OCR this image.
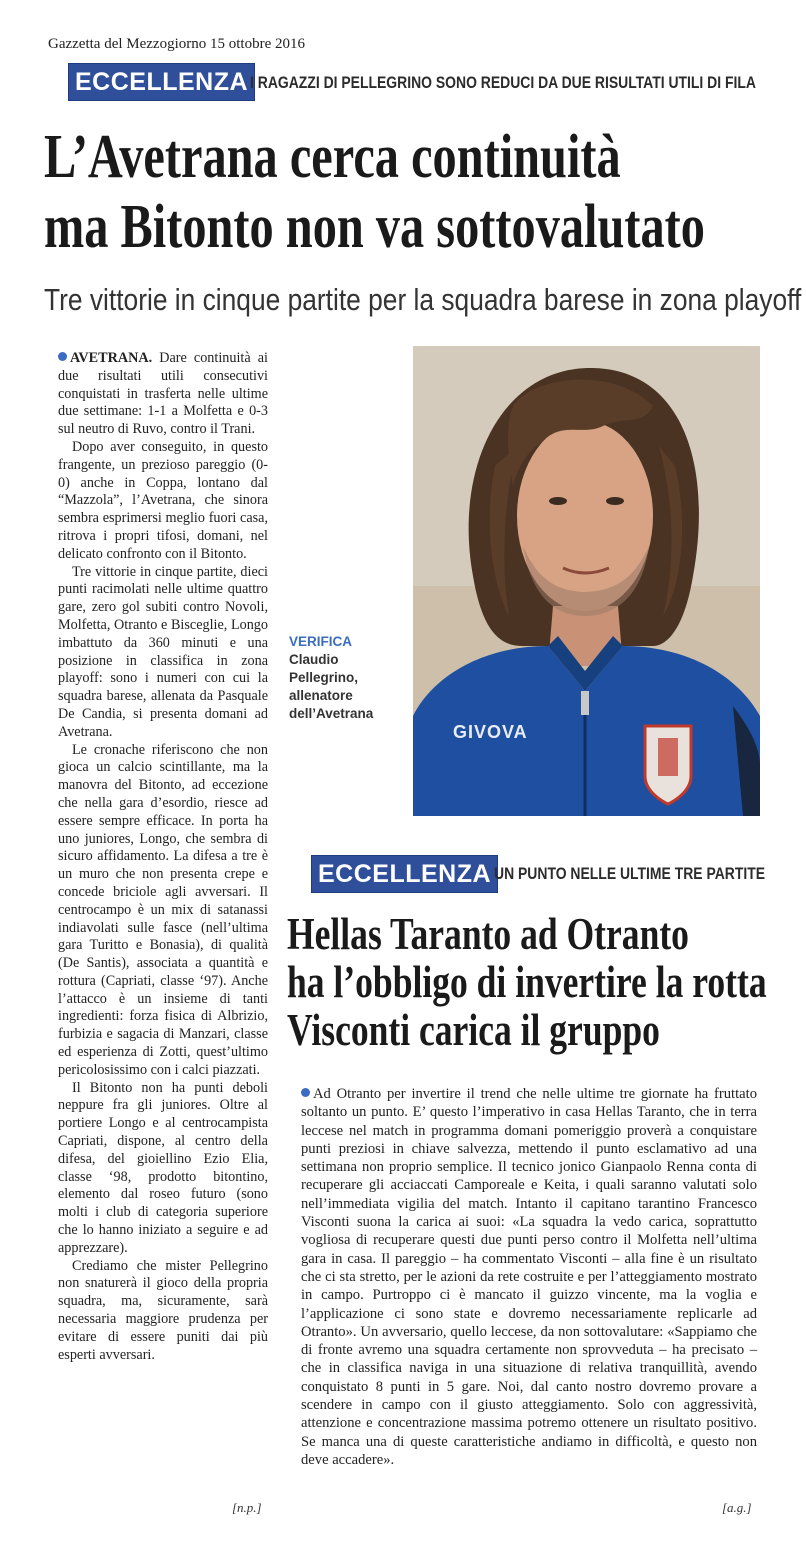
Gazzetta del Mezzogiorno 15 ottobre 2016
ECCELLENZA I RAGAZZI DI PELLEGRINO SONO REDUCI DA DUE RISULTATI UTILI DI FILA
L’Avetrana cerca continuità
ma Bitonto non va sottovalutato
Tre vittorie in cinque partite per la squadra barese in zona playoff

AVETRANA. Dare continuità ai due risultati utili consecutivi conquistati in trasferta nelle ultime due settimane: 1-1 a Molfetta e 0-3 sul neutro di Ruvo, contro il Trani.

Dopo aver conseguito, in questo frangente, un prezioso pareggio (0-0) anche in Coppa, lontano dal “Mazzola”, l’Avetrana, che sinora sembra esprimersi meglio fuori casa, ritrova i propri tifosi, domani, nel delicato confronto con il Bitonto.

Tre vittorie in cinque partite, dieci punti racimolati nelle ultime quattro gare, zero gol subiti contro Novoli, Molfetta, Otranto e Bisceglie, Longo imbattuto da 360 minuti e una posizione in classifica in zona playoff: sono i numeri con cui la squadra barese, allenata da Pasquale De Candia, si presenta domani ad Avetrana.

Le cronache riferiscono che non gioca un calcio scintillante, ma la manovra del Bitonto, ad eccezione che nella gara d’esordio, riesce ad essere sempre efficace. In porta ha uno juniores, Longo, che sembra di sicuro affidamento. La difesa a tre è un muro che non presenta crepe e concede briciole agli avversari. Il centrocampo è un mix di satanassi indiavolati sulle fasce (nell’ultima gara Turitto e Bonasia), di qualità (De Santis), associata a quantità e rottura (Capriati, classe ‘97). Anche l’attacco è un insieme di tanti ingredienti: forza fisica di Albrizio, furbizia e sagacia di Manzari, classe ed esperienza di Zotti, quest’ultimo pericolosissimo con i calci piazzati.

Il Bitonto non ha punti deboli neppure fra gli juniores. Oltre al portiere Longo e al centrocampista Capriati, dispone, al centro della difesa, del gioiellino Ezio Elia, classe ‘98, prodotto bitontino, elemento dal roseo futuro (sono molti i club di categoria superiore che lo hanno iniziato a seguire e ad apprezzare).

Crediamo che mister Pellegrino non snaturerà il gioco della propria squadra, ma, sicuramente, sarà necessaria maggiore prudenza per evitare di essere puniti dai più esperti avversari.

[n.p.]
VERIFICA
Claudio Pellegrino, allenatore dell’Avetrana
GIVOVA
ECCELLENZA UN PUNTO NELLE ULTIME TRE PARTITE
Hellas Taranto ad Otranto
ha l’obbligo di invertire la rotta
Visconti carica il gruppo

Ad Otranto per invertire il trend che nelle ultime tre giornate ha fruttato soltanto un punto. E’ questo l’imperativo in casa Hellas Taranto, che in terra leccese nel match in programma domani pomeriggio proverà a conquistare punti preziosi in chiave salvezza, mettendo il punto esclamativo ad una settimana non proprio semplice. Il tecnico jonico Gianpaolo Renna conta di recuperare gli acciaccati Camporeale e Keita, i quali saranno valutati solo nell’immediata vigilia del match. Intanto il capitano tarantino Francesco Visconti suona la carica ai suoi: «La squadra la vedo carica, soprattutto vogliosa di recuperare questi due punti perso contro il Molfetta nell’ultima gara in casa. Il pareggio – ha commentato Visconti – alla fine è un risultato che ci sta stretto, per le azioni da rete costruite e per l’atteggiamento mostrato in campo. Purtroppo ci è mancato il guizzo vincente, ma la voglia e l’applicazione ci sono state e dovremo necessariamente replicarle ad Otranto». Un avversario, quello leccese, da non sottovalutare: «Sappiamo che di fronte avremo una squadra certamente non sprovveduta – ha precisato – che in classifica naviga in una situazione di relativa tranquillità, avendo conquistato 8 punti in 5 gare. Noi, dal canto nostro dovremo provare a scendere in campo con il giusto atteggiamento. Solo con aggressività, attenzione e concentrazione massima potremo ottenere un risultato positivo. Se manca una di queste caratteristiche andiamo in difficoltà, e questo non deve accadere».

[a.g.]
